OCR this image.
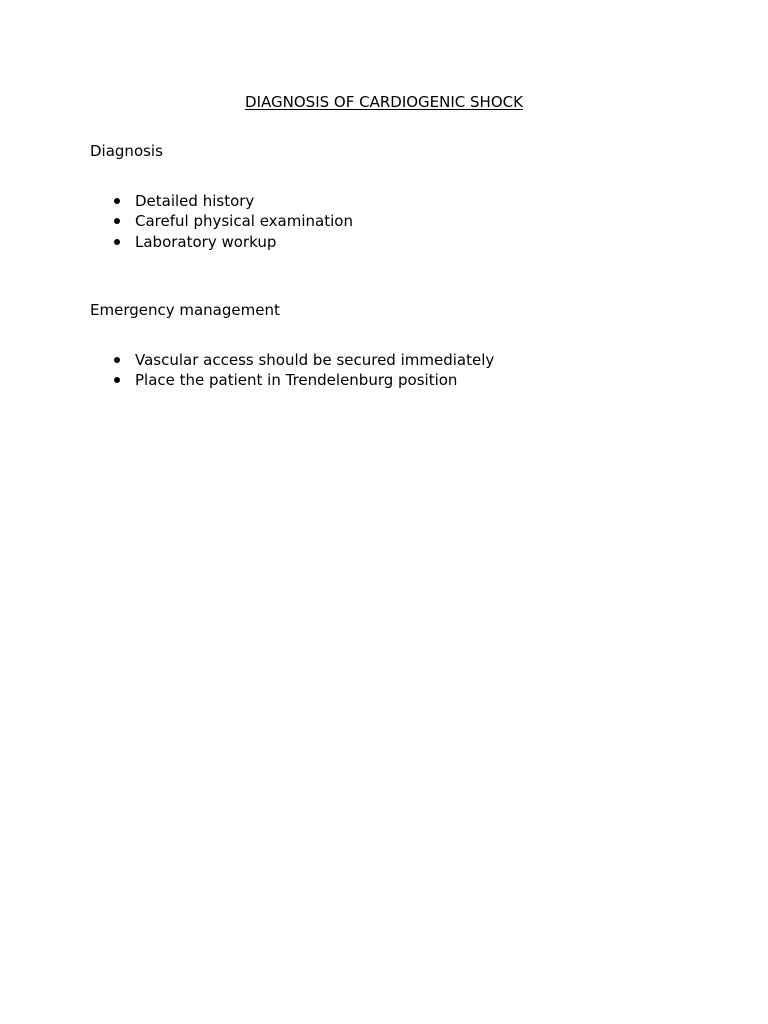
DIAGNOSIS OF CARDIOGENIC SHOCK
Diagnosis
Detailed history
Careful physical examination
Laboratory workup
Emergency management
Vascular access should be secured immediately
Place the patient in Trendelenburg position
